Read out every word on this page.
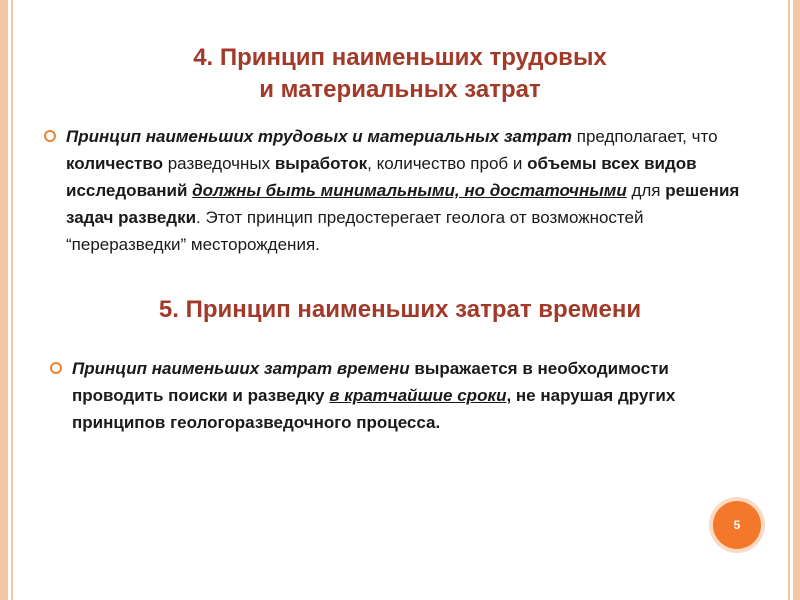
4. Принцип наименьших трудовых
и материальных затрат
Принцип наименьших трудовых и материальных затрат предполагает, что количество разведочных выработок, количество проб и объемы всех видов исследований должны быть минимальными, но достаточными для решения задач разведки. Этот принцип предостерегает геолога от возможностей “переразведки” месторождения.
5. Принцип наименьших затрат времени
Принцип наименьших затрат времени выражается в необходимости проводить поиски и разведку в кратчайшие сроки, не нарушая других принципов геологоразведочного процесса.
5
